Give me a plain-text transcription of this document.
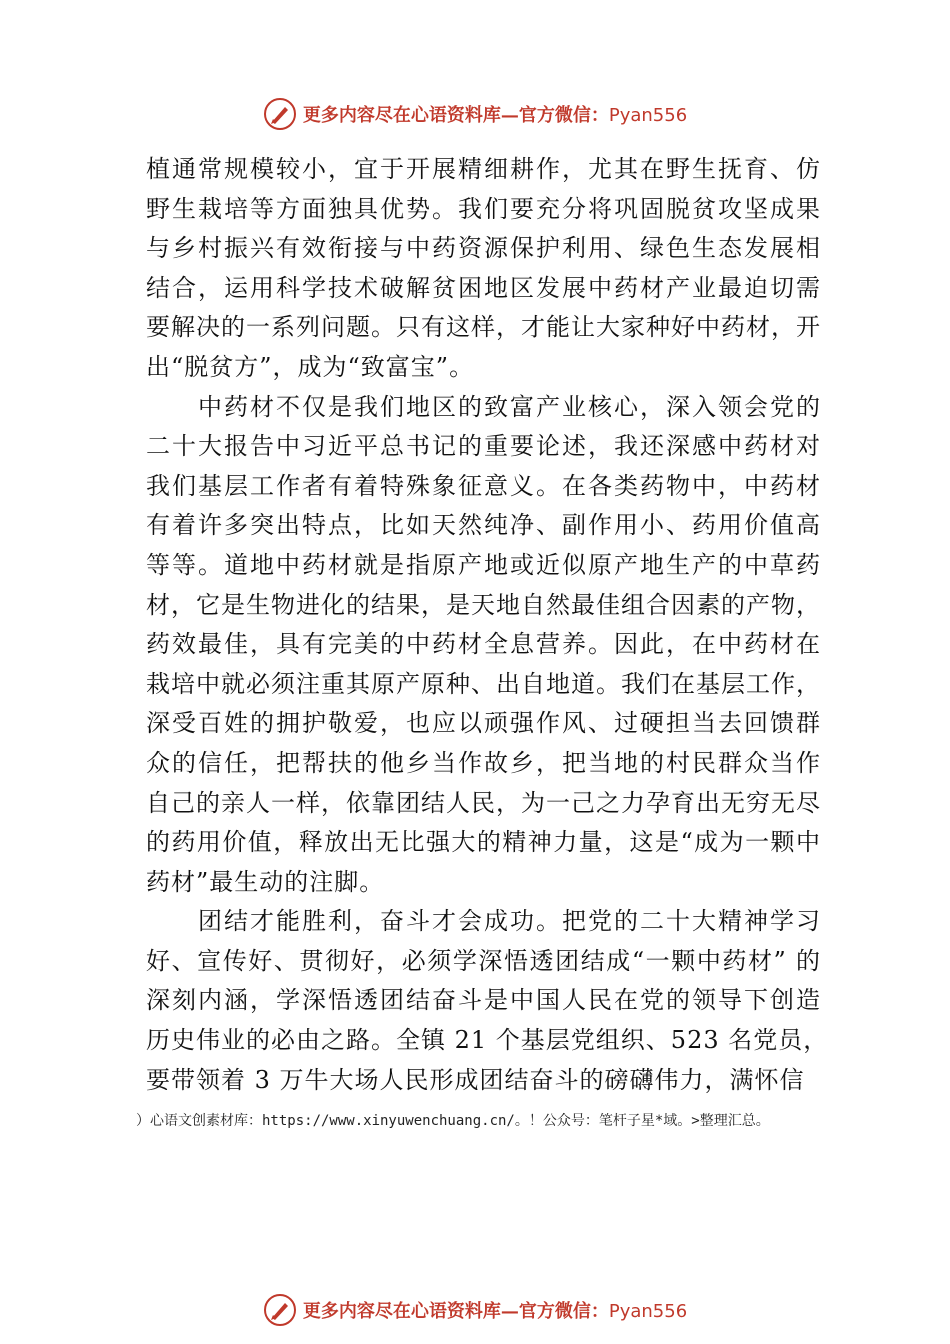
更多内容尽在心语资料库—官方微信：Pyan556
植通常规模较小，宜于开展精细耕作，尤其在野生抚育、仿
野生栽培等方面独具优势。我们要充分将巩固脱贫攻坚成果
与乡村振兴有效衔接与中药资源保护利用、绿色生态发展相
结合，运用科学技术破解贫困地区发展中药材产业最迫切需
要解决的一系列问题。只有这样，才能让大家种好中药材，开
出“脱贫方”，成为“致富宝”。
中药材不仅是我们地区的致富产业核心，深入领会党的
二十大报告中习近平总书记的重要论述，我还深感中药材对
我们基层工作者有着特殊象征意义。在各类药物中，中药材
有着许多突出特点，比如天然纯净、副作用小、药用价值高
等等。道地中药材就是指原产地或近似原产地生产的中草药
材，它是生物进化的结果，是天地自然最佳组合因素的产物，
药效最佳，具有完美的中药材全息营养。因此，在中药材在
栽培中就必须注重其原产原种、出自地道。我们在基层工作，
深受百姓的拥护敬爱，也应以顽强作风、过硬担当去回馈群
众的信任，把帮扶的他乡当作故乡，把当地的村民群众当作
自己的亲人一样，依靠团结人民，为一己之力孕育出无穷无尽
的药用价值，释放出无比强大的精神力量，这是“成为一颗中
药材”最生动的注脚。
团结才能胜利，奋斗才会成功。把党的二十大精神学习
好、宣传好、贯彻好，必须学深悟透团结成“一颗中药材” 的
深刻内涵，学深悟透团结奋斗是中国人民在党的领导下创造
历史伟业的必由之路。全镇 21 个基层党组织、523 名党员，
要带领着 3 万牛大场人民形成团结奋斗的磅礴伟力，满怀信
）心语文创素材库：https://www.xinyuwenchuang.cn/。！公众号：笔杆子星*域。>整理汇总。
更多内容尽在心语资料库—官方微信：Pyan556
